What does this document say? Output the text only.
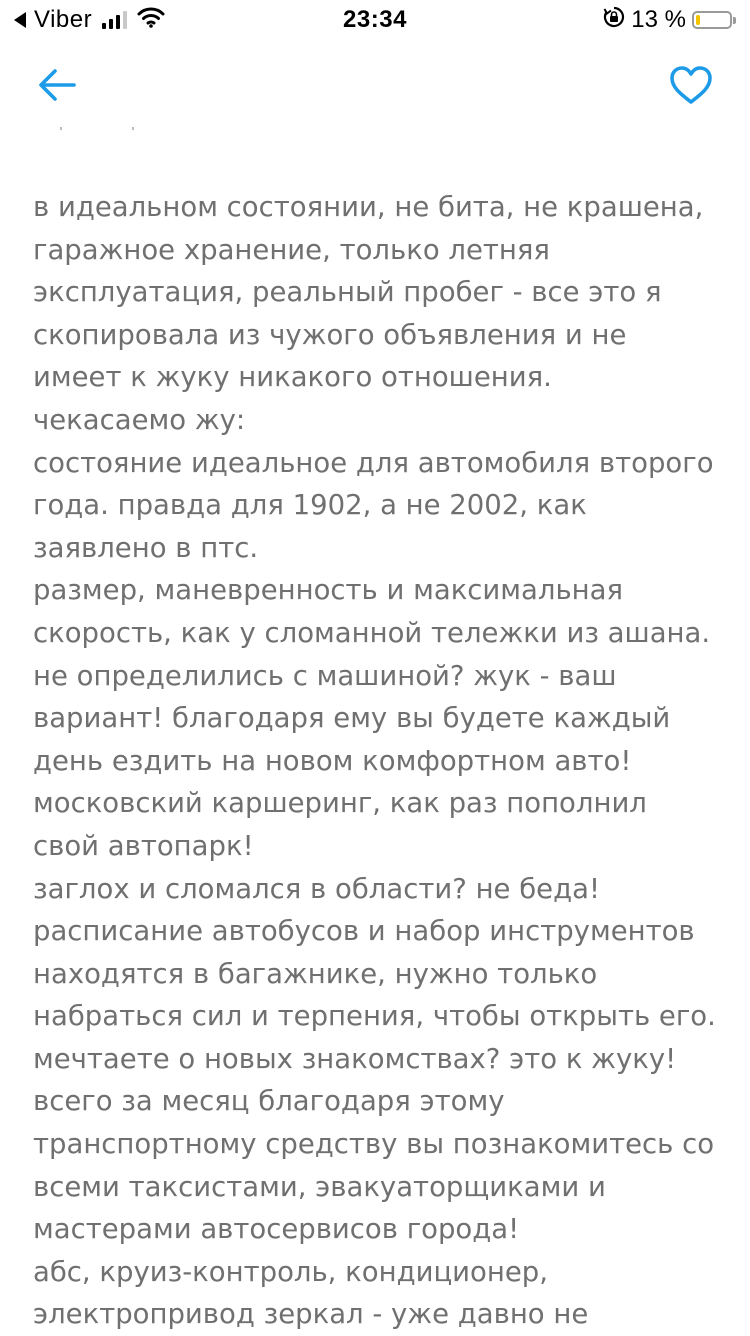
Viber	23:34	13 %

в идеальном состоянии, не бита, не крашена,

гаражное хранение, только летняя

эксплуатация, реальный пробег - все это я

скопировала из чужого объявления и не

имеет к жуку никакого отношения.

чекасаемо жу:

состояние идеальное для автомобиля второго

года. правда для 1902, а не 2002, как

заявлено в птс.

размер, маневренность и максимальная

скорость, как у сломанной тележки из ашана.

не определились с машиной? жук - ваш

вариант! благодаря ему вы будете каждый

день ездить на новом комфортном авто!

московский каршеринг, как раз пополнил

свой автопарк!

заглох и сломался в области? не беда!

расписание автобусов и набор инструментов

находятся в багажнике, нужно только

набраться сил и терпения, чтобы открыть его.

мечтаете о новых знакомствах? это к жуку!

всего за месяц благодаря этому

транспортному средству вы познакомитесь со

всеми таксистами, эвакуаторщиками и

мастерами автосервисов города!

абс, круиз-контроль, кондиционер,

электропривод зеркал - уже давно не
